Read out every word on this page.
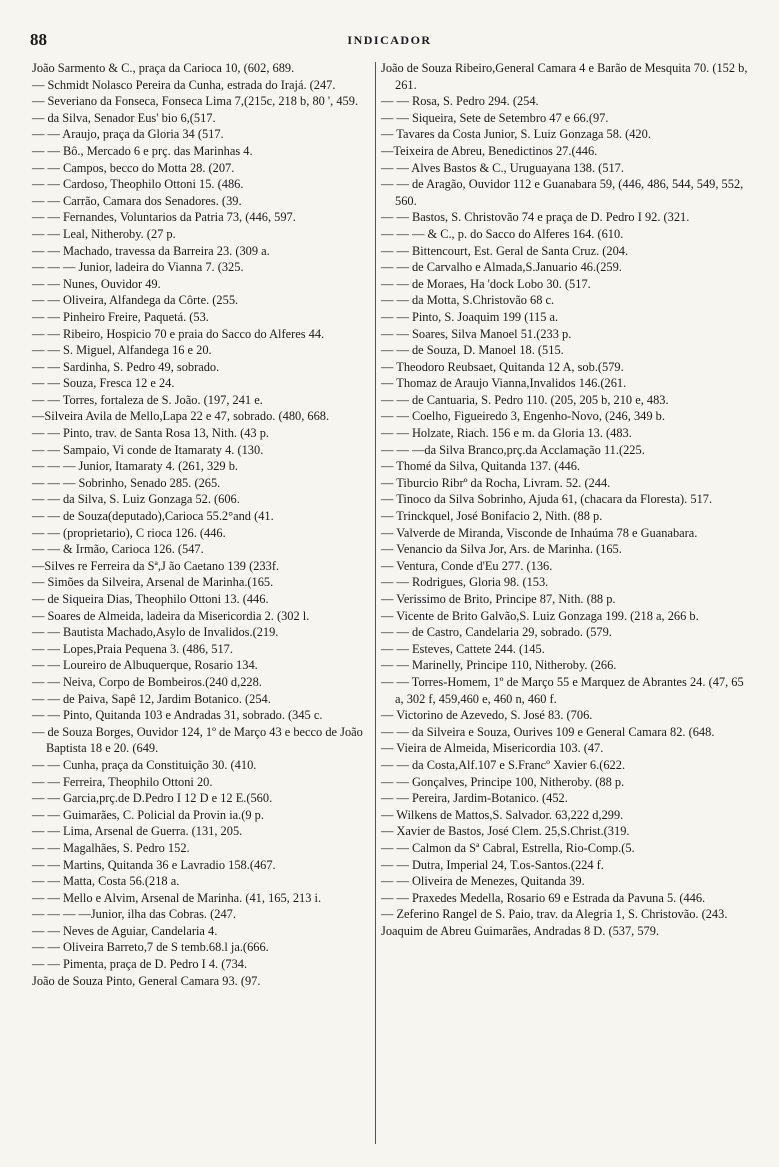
88	INDICADOR
João Sarmento & C., praça da Carioca 10, (602, 689.
— Schmidt Nolasco Pereira da Cunha, estrada do Irajá. (247.
— Severiano da Fonseca, Fonseca Lima 7,(215c, 218 b, 80 ', 459.
— da Silva, Senador Eus' bio 6,(517.
— — Araujo, praça da Gloria 34 (517.
— — Bô., Mercado 6 e prç. das Marinhas 4.
— — Campos, becco do Motta 28. (207.
— — Cardoso, Theophilo Ottoni 15. (486.
— — Carrão, Camara dos Senadores. (39.
— — Fernandes, Voluntarios da Patria 73, (446, 597.
— — Leal, Nitheroby. (27 p.
— — Machado, travessa da Barreira 23. (309 a.
— — — Junior, ladeira do Vianna 7. (325.
— — Nunes, Ouvidor 49.
— — Oliveira, Alfandega da Côrte. (255.
— — Pinheiro Freire, Paquetá. (53.
— — Ribeiro, Hospicio 70 e praia do Sacco do Alferes 44.
— — S. Miguel, Alfandega 16 e 20.
— — Sardinha, S. Pedro 49, sobrado.
— — Souza, Fresca 12 e 24.
— — Torres, fortaleza de S. João. (197, 241 e.
—Silveira Avila de Mello,Lapa 22 e 47, sobrado. (480, 668.
— — Pinto, trav. de Santa Rosa 13, Nith. (43 p.
— — Sampaio, Vi conde de Itamaraty 4. (130.
— — — Junior, Itamaraty 4. (261, 329 b.
— — — Sobrinho, Senado 285. (265.
— — da Silva, S. Luiz Gonzaga 52. (606.
— — de Souza(deputado),Carioca 55.2°and (41.
— — (proprietario), C rioca 126. (446.
— — & Irmão, Carioca 126. (547.
—Silves re Ferreira da Sª,J ão Caetano 139 (233f.
— Simões da Silveira, Arsenal de Marinha.(165.
— de Siqueira Dias, Theophilo Ottoni 13. (446.
— Soares de Almeida, ladeira da Misericordia 2. (302 l.
— — Bautista Machado,Asylo de Invalidos.(219.
— — Lopes,Praia Pequena 3. (486, 517.
— — Loureiro de Albuquerque, Rosario 134.
— — Neiva, Corpo de Bombeiros.(240 d,228.
— — de Paiva, Sapê 12, Jardim Botanico. (254.
— — Pinto, Quitanda 103 e Andradas 31, sobrado. (345 c.
— de Souza Borges, Ouvidor 124, 1º de Março 43 e becco de João Baptista 18 e 20. (649.
— — Cunha, praça da Constituição 30. (410.
— — Ferreira, Theophilo Ottoni 20.
— — Garcia,prç.de D.Pedro I 12 D e 12 E.(560.
— — Guimarães, C. Policial da Provin ia.(9 p.
— — Lima, Arsenal de Guerra. (131, 205.
— — Magalhães, S. Pedro 152.
— — Martins, Quitanda 36 e Lavradio 158.(467.
— — Matta, Costa 56.(218 a.
— — Mello e Alvim, Arsenal de Marinha. (41, 165, 213 i.
— — — —Junior, ilha das Cobras. (247.
— — Neves de Aguiar, Candelaria 4.
— — Oliveira Barreto,7 de S temb.68.l ja.(666.
— — Pimenta, praça de D. Pedro I 4. (734.
João de Souza Pinto, General Camara 93. (97.
João de Souza Ribeiro,General Camara 4 e Barão de Mesquita 70. (152 b, 261.
— — Rosa, S. Pedro 294. (254.
— — Siqueira, Sete de Setembro 47 e 66.(97.
— Tavares da Costa Junior, S. Luiz Gonzaga 58. (420.
—Teixeira de Abreu, Benedictinos 27.(446.
— — Alves Bastos & C., Uruguayana 138. (517.
— — de Aragão, Ouvidor 112 e Guanabara 59, (446, 486, 544, 549, 552, 560.
— — Bastos, S. Christovão 74 e praça de D. Pedro I 92. (321.
— — — & C., p. do Sacco do Alferes 164. (610.
— — Bittencourt, Est. Geral de Santa Cruz. (204.
— — de Carvalho e Almada,S.Januario 46.(259.
— — de Moraes, Ha 'dock Lobo 30. (517.
— — da Motta, S.Christovão 68 c.
— — Pinto, S. Joaquim 199 (115 a.
— — Soares, Silva Manoel 51.(233 p.
— — de Souza, D. Manoel 18. (515.
— Theodoro Reubsaet, Quitanda 12 A, sob.(579.
— Thomaz de Araujo Vianna,Invalidos 146.(261.
— — de Cantuaria, S. Pedro 110. (205, 205 b, 210 e, 483.
— — Coelho, Figueiredo 3, Engenho-Novo, (246, 349 b.
— — Holzate, Riach. 156 e m. da Gloria 13. (483.
— — —da Silva Branco,prç.da Acclamação 11.(225.
— Thomé da Silva, Quitanda 137. (446.
— Tiburcio Ribrº da Rocha, Livram. 52. (244.
— Tinoco da Silva Sobrinho, Ajuda 61, (chacara da Floresta). 517.
— Trinckquel, José Bonifacio 2, Nith. (88 p.
— Valverde de Miranda, Visconde de Inhaúma 78 e Guanabara.
— Venancio da Silva Jor, Ars. de Marinha. (165.
— Ventura, Conde d'Eu 277. (136.
— — Rodrigues, Gloria 98. (153.
— Verissimo de Brito, Principe 87, Nith. (88 p.
— Vicente de Brito Galvão,S. Luiz Gonzaga 199. (218 a, 266 b.
— — de Castro, Candelaria 29, sobrado. (579.
— — Esteves, Cattete 244. (145.
— — Marinelly, Principe 110, Nitheroby. (266.
— — Torres-Homem, 1º de Março 55 e Marquez de Abrantes 24. (47, 65 a, 302 f, 459,460 e, 460 n, 460 f.
— Victorino de Azevedo, S. José 83. (706.
— — da Silveira e Souza, Ourives 109 e General Camara 82. (648.
— Vieira de Almeida, Misericordia 103. (47.
— — da Costa,Alf.107 e S.Francº Xavier 6.(622.
— — Gonçalves, Principe 100, Nitheroby. (88 p.
— — Pereira, Jardim-Botanico. (452.
— Wilkens de Mattos,S. Salvador. 63,222 d,299.
— Xavier de Bastos, José Clem. 25,S.Christ.(319.
— — Calmon da Sª Cabral, Estrella, Rio-Comp.(5.
— — Dutra, Imperial 24, T.os-Santos.(224 f.
— — Oliveira de Menezes, Quitanda 39.
— — Praxedes Medella, Rosario 69 e Estrada da Pavuna 5. (446.
— Zeferino Rangel de S. Paio, trav. da Alegria 1, S. Christovão. (243.
Joaquim de Abreu Guimarães, Andradas 8 D. (537, 579.
